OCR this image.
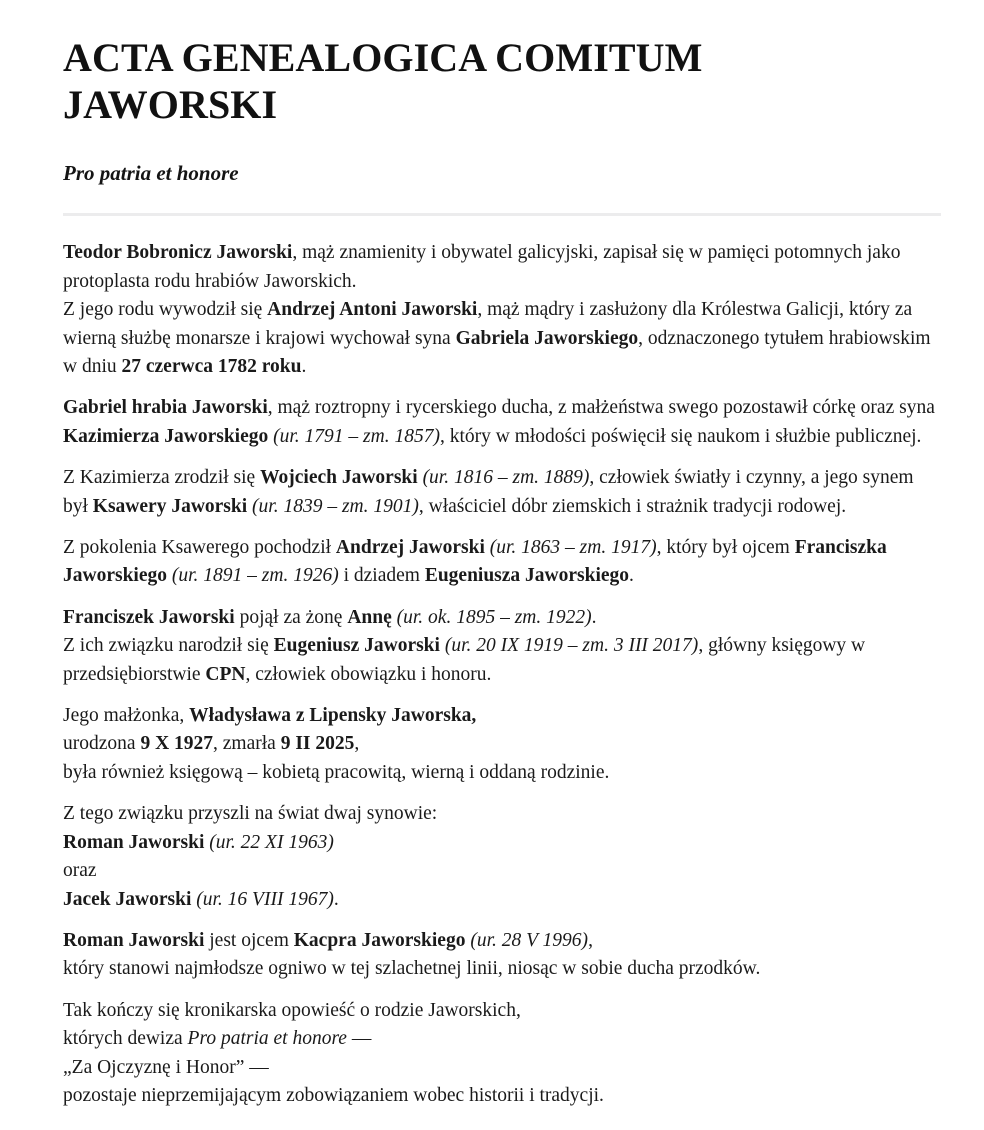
ACTA GENEALOGICA COMITUM JAWORSKI
Pro patria et honore

Teodor Bobronicz Jaworski, mąż znamienity i obywatel galicyjski, zapisał się w pamięci potomnych jako protoplasta rodu hrabiów Jaworskich.
Z jego rodu wywodził się Andrzej Antoni Jaworski, mąż mądry i zasłużony dla Królestwa Galicji, który za wierną służbę monarsze i krajowi wychował syna Gabriela Jaworskiego, odznaczonego tytułem hrabiowskim w dniu 27 czerwca 1782 roku.

Gabriel hrabia Jaworski, mąż roztropny i rycerskiego ducha, z małżeństwa swego pozostawił córkę oraz syna Kazimierza Jaworskiego (ur. 1791 – zm. 1857), który w młodości poświęcił się naukom i służbie publicznej.

Z Kazimierza zrodził się Wojciech Jaworski (ur. 1816 – zm. 1889), człowiek światły i czynny, a jego synem był Ksawery Jaworski (ur. 1839 – zm. 1901), właściciel dóbr ziemskich i strażnik tradycji rodowej.

Z pokolenia Ksawerego pochodził Andrzej Jaworski (ur. 1863 – zm. 1917), który był ojcem Franciszka Jaworskiego (ur. 1891 – zm. 1926) i dziadem Eugeniusza Jaworskiego.

Franciszek Jaworski pojął za żonę Annę (ur. ok. 1895 – zm. 1922).
Z ich związku narodził się Eugeniusz Jaworski (ur. 20 IX 1919 – zm. 3 III 2017), główny księgowy w przedsiębiorstwie CPN, człowiek obowiązku i honoru.

Jego małżonka, Władysława z Lipensky Jaworska,
urodzona 9 X 1927, zmarła 9 II 2025,
była również księgową – kobietą pracowitą, wierną i oddaną rodzinie.

Z tego związku przyszli na świat dwaj synowie:
Roman Jaworski (ur. 22 XI 1963)
oraz
Jacek Jaworski (ur. 16 VIII 1967).

Roman Jaworski jest ojcem Kacpra Jaworskiego (ur. 28 V 1996),
który stanowi najmłodsze ogniwo w tej szlachetnej linii, niosąc w sobie ducha przodków.

Tak kończy się kronikarska opowieść o rodzie Jaworskich,
których dewiza Pro patria et honore —
„Za Ojczyznę i Honor” —
pozostaje nieprzemijającym zobowiązaniem wobec historii i tradycji.
